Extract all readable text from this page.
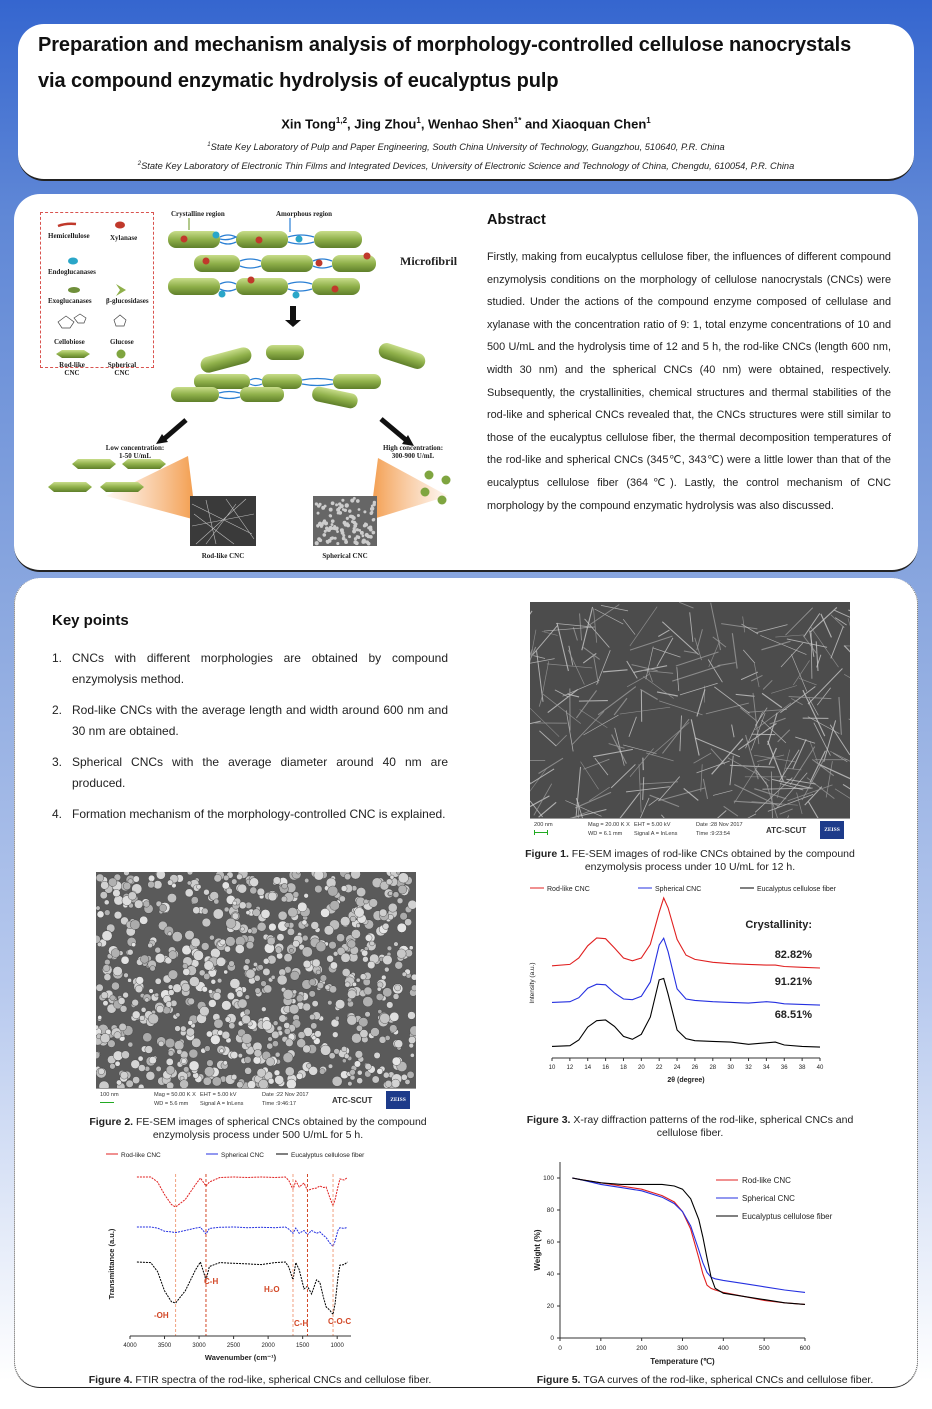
Preparation and mechanism analysis of morphology-controlled cellulose nanocrystals
via compound enzymatic hydrolysis of eucalyptus pulp
Xin Tong$^{1,2}$, Jing Zhou$^1$, Wenhao Shen$^{1*}$ and Xiaoquan Chen$^1$
$^1$State Key Laboratory of Pulp and Paper Engineering, South China University of Technology, Guangzhou, 510640, P.R. China
$^2$State Key Laboratory of Electronic Thin Films and Integrated Devices, University of Electronic Science and Technology of China, Chengdu, 610054, P.R. China
Hemicellulose	Xylanase
Endoglucanases
Exoglucanases β-glucosidases
Cellobiose	Glucose
Rod-like CNC
Spherical CNC
Crystalline region	Amorphous region
Microfibril
Low concentration:
1-50 U/mL
High concentration:
300-900 U/mL
Rod-like CNC	Spherical CNC
Abstract

Firstly, making from eucalyptus cellulose fiber, the influences of different compound enzymolysis conditions on the morphology of cellulose nanocrystals (CNCs) were studied. Under the actions of the compound enzyme composed of cellulase and xylanase with the concentration ratio of 9: 1, total enzyme concentrations of 10 and 500 U/mL and the hydrolysis time of 12 and 5 h, the rod-like CNCs (length 600 nm, width 30 nm) and the spherical CNCs (40 nm) were obtained, respectively. Subsequently, the crystallinities, chemical structures and thermal stabilities of the rod-like and spherical CNCs revealed that, the CNCs structures were still similar to those of the eucalyptus cellulose fiber, the thermal decomposition temperatures of the rod-like and spherical CNCs (345℃, 343℃) were a little lower than that of the eucalyptus cellulose fiber (364℃). Lastly, the control mechanism of CNC morphology by the compound enzymatic hydrolysis was also discussed.

Key points
1. CNCs with different morphologies are obtained by compound enzymolysis method.
2. Rod-like CNCs with the average length and width around 600 nm and 30 nm are obtained.
3. Spherical CNCs with the average diameter around 40 nm are produced.
4. Formation mechanism of the morphology-controlled CNC is explained.
200 nm	Mag = 20.00 K X
WD = 6.1 mm
EHT = 5.00 kV
Signal A = InLens
Date :28 Nov 2017
Time :9:23:54	ATC-SCUT	ZEISS
Figure 1. FE-SEM images of rod-like CNCs obtained by the compound enzymolysis process under 10 U/mL for 12 h.
100 nm	Mag = 50.00 K X
WD = 5.6 mm
EHT = 5.00 kV
Signal A = InLens
Date :22 Nov 2017
Time :9:46:17	ATC-SCUT	ZEISS
Figure 2. FE-SEM images of spherical CNCs obtained by the compound enzymolysis process under 500 U/mL for 5 h.
10 12 14 16 18 20 22 24 26 28 30 32 34 36 38 40
2θ (degree)
Intensity (a.u.)
Rod-like CNC	Spherical CNC	Eucalyptus cellulose fiber
Crystallinity:
82.82%
91.21%
68.51%
Figure 3. X-ray diffraction patterns of the rod-like, spherical CNCs and cellulose fiber.
4000	3500	3000	2500	2000	1500	1000
Wavenumber (cm⁻¹)
Transmittance (a.u.)
Rod-like CNC	Spherical CNC	Eucalyptus cellulose fiber
-OH
C-H
H₂O
C-H C-O-C
Figure 4. FTIR spectra of the rod-like, spherical CNCs and cellulose fiber.
0	100	200	300	400	500	600
0
20
40
60
80
100
Temperature (℃)
Weight (%)
Rod-like CNC
Spherical CNC
Eucalyptus cellulose fiber
Figure 5. TGA curves of the rod-like, spherical CNCs and cellulose fiber.
